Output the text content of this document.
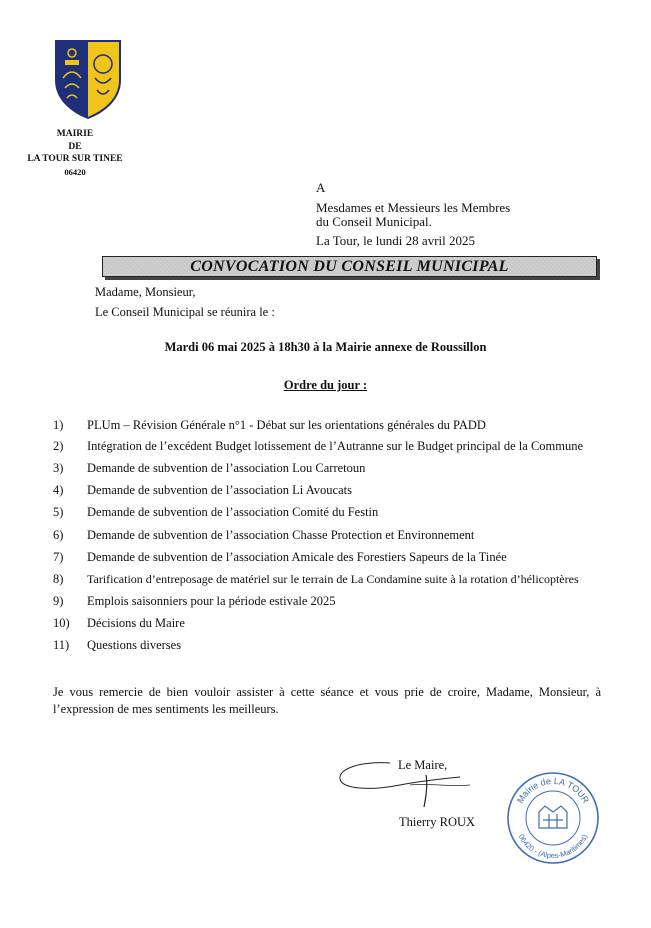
MAIRIE
DE
LA TOUR SUR TINEE
06420
A
Mesdames et Messieurs les Membres
du Conseil Municipal.
La Tour, le lundi 28 avril 2025
CONVOCATION DU CONSEIL MUNICIPAL
Madame, Monsieur,
Le Conseil Municipal se réunira le :
Mardi 06 mai 2025 à 18h30 à la Mairie annexe de Roussillon
Ordre du jour :
1) PLUm – Révision Générale n°1 - Débat sur les orientations générales du PADD
2) Intégration de l’excédent Budget lotissement de l’Autranne sur le Budget principal de la Commune
3) Demande de subvention de l’association Lou Carretoun
4) Demande de subvention de l’association Li Avoucats
5) Demande de subvention de l’association Comité du Festin
6) Demande de subvention de l’association Chasse Protection et Environnement
7) Demande de subvention de l’association Amicale des Forestiers Sapeurs de la Tinée
8) Tarification d’entreposage de matériel sur le terrain de La Condamine suite à la rotation d’hélicoptères
9) Emplois saisonniers pour la période estivale 2025
10) Décisions du Maire
11) Questions diverses
Je vous remercie de bien vouloir assister à cette séance et vous prie de croire, Madame, Monsieur, à l’expression de mes sentiments les meilleurs.
Le Maire,
Thierry ROUX
Mairie de LA TOUR
06420 - (Alpes-Maritimes)
